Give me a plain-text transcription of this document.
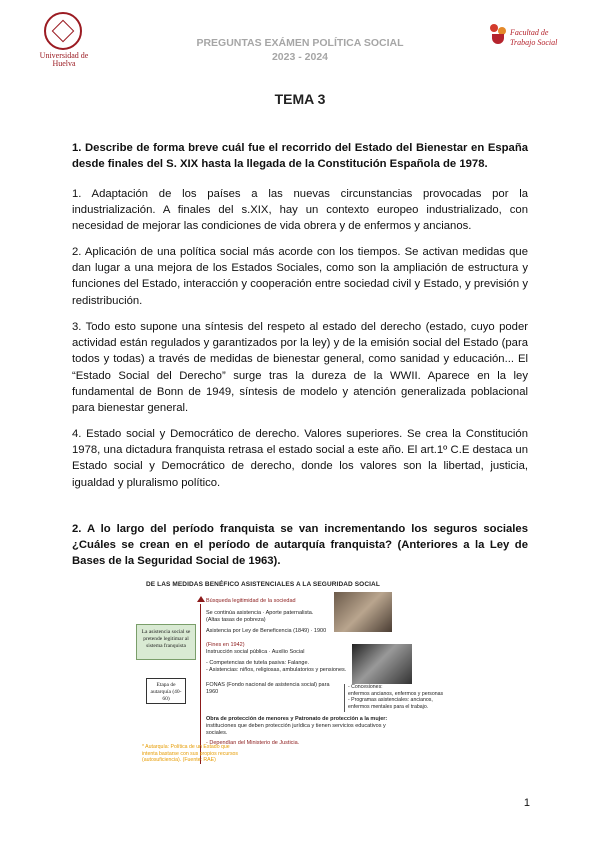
Universidad de Huelva
Facultad de
Trabajo Social
PREGUNTAS EXÁMEN POLÍTICA SOCIAL
2023 - 2024
TEMA 3
1. Describe de forma breve cuál fue el recorrido del Estado del Bienestar en España desde finales del S. XIX hasta la llegada de la Constitución Española de 1978.
1. Adaptación de los países a las nuevas circunstancias provocadas por la industrialización. A finales del s.XIX, hay un contexto europeo industrializado, con necesidad de mejorar las condiciones de vida obrera y de enfermos y ancianos.
2. Aplicación de una política social más acorde con los tiempos. Se activan medidas que dan lugar a una mejora de los Estados Sociales, como son la ampliación de estructura y funciones del Estado, interacción y cooperación entre sociedad civil y Estado, y previsión y redistribución.
3. Todo esto supone una síntesis del respeto al estado del derecho (estado, cuyo poder actividad están regulados y garantizados por la ley) y de la emisión social del Estado (para todos y todas) a través de medidas de bienestar general, como sanidad y educación... El “Estado Social del Derecho” surge tras la dureza de la WWII. Aparece en la ley fundamental de Bonn de 1949, síntesis de modelo y atención generalizada poblacional para bienestar general.
4. Estado social y Democrático de derecho. Valores superiores. Se crea la Constitución 1978, una dictadura franquista retrasa el estado social a este año. El art.1º C.E destaca un Estado social y Democrático de derecho, donde los valores son la libertad, justicia, igualdad y pluralismo político.
2. A lo largo del período franquista se van incrementando los seguros sociales ¿Cuáles se crean en el período de autarquía franquista? (Anteriores a la Ley de Bases de la Seguridad Social de 1963).
DE LAS MEDIDAS BENÉFICO ASISTENCIALES A LA SEGURIDAD SOCIAL
La asistencia social se pretende legitimar al sistema franquista
Etapa de autarquía (40-60)
Búsqueda legitimidad de la sociedad
Se continúa asistencia · Aporte paternalista.
(Altas tasas de pobreza)
Asistencia por Ley de Beneficencia (1849) · 1900
(Fines en 1942)
Instrucción social pública · Auxilio Social
- Competencias de tutela pasiva: Falange.
- Asistencias: niños, religiosas, ambulatorios y pensiones.
FONAS (Fondo nacional de asistencia social) para
1960
Obra de protección de menores y Patronato de protección a la mujer:
instituciones que deben protección jurídica y tienen servicios educativos y
sociales.
- Dependían del Ministerio de Justicia.
- Concesiones:
enfermos ancianos, enfermos y personas
- Programas asistenciales: ancianos,
enfermos mentales para el trabajo.
* Autarquía: Política de un Estado que
intenta bastarse con sus propios recursos
(autosuficiencia). (Fuente: RAE)
1
